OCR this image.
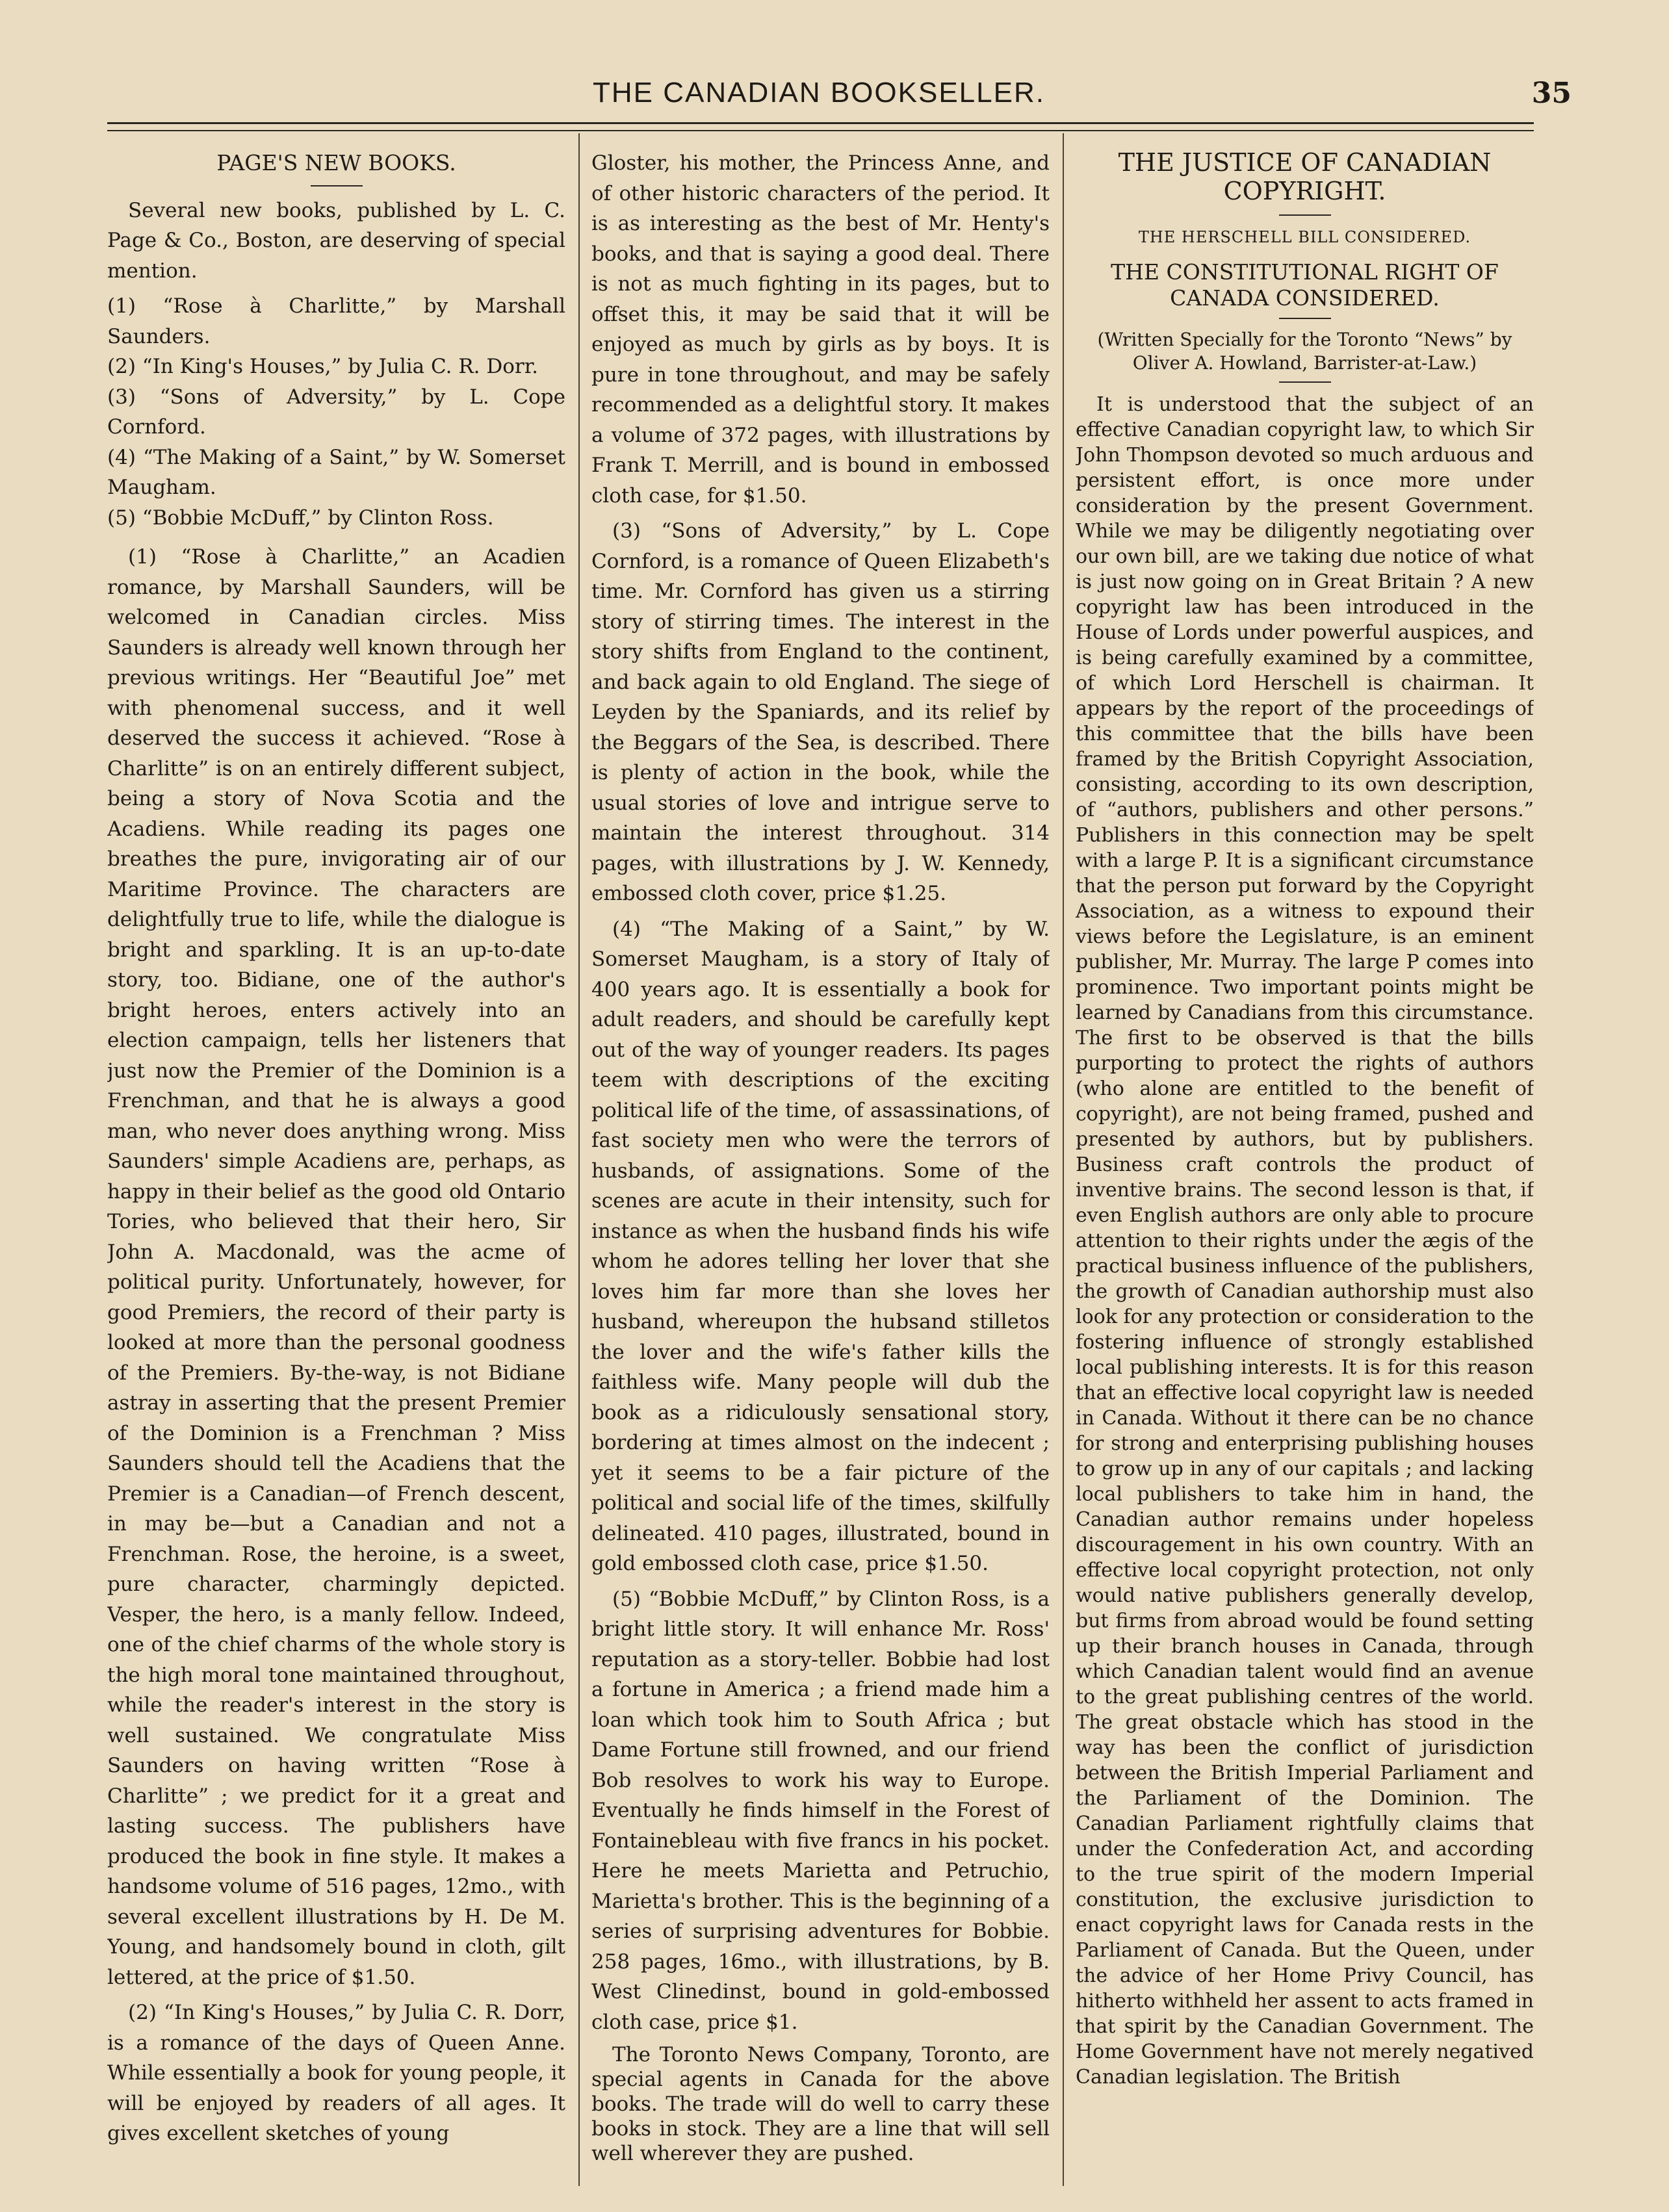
THE CANADIAN BOOKSELLER.	35

PAGE'S NEW BOOKS.

Several new books, published by L. C. Page & Co., Boston, are deserving of special mention.

(1) “Rose à Charlitte,” by Marshall Saunders.

(2) “In King's Houses,” by Julia C. R. Dorr.

(3) “Sons of Adversity,” by L. Cope Cornford.

(4) “The Making of a Saint,” by W. Somerset Maugham.

(5) “Bobbie McDuff,” by Clinton Ross.

(1) “Rose à Charlitte,” an Acadien romance, by Marshall Saunders, will be welcomed in Canadian circles. Miss Saunders is already well known through her previous writings. Her “Beautiful Joe” met with phenomenal success, and it well deserved the success it achieved. “Rose à Charlitte” is on an entirely different subject, being a story of Nova Scotia and the Acadiens. While reading its pages one breathes the pure, invigorating air of our Maritime Province. The characters are delightfully true to life, while the dialogue is bright and sparkling. It is an up-to-date story, too. Bidiane, one of the author's bright heroes, enters actively into an election campaign, tells her listeners that just now the Premier of the Dominion is a Frenchman, and that he is always a good man, who never does anything wrong. Miss Saunders' simple Acadiens are, perhaps, as happy in their belief as the good old Ontario Tories, who believed that their hero, Sir John A. Macdonald, was the acme of political purity. Unfortunately, however, for good Premiers, the record of their party is looked at more than the personal goodness of the Premiers. By-the-way, is not Bidiane astray in asserting that the present Premier of the Dominion is a Frenchman ? Miss Saunders should tell the Acadiens that the Premier is a Canadian—of French descent, in may be—but a Canadian and not a Frenchman. Rose, the heroine, is a sweet, pure character, charmingly depicted. Vesper, the hero, is a manly fellow. Indeed, one of the chief charms of the whole story is the high moral tone maintained throughout, while the reader's interest in the story is well sustained. We congratulate Miss Saunders on having written “Rose à Charlitte” ; we predict for it a great and lasting success. The publishers have produced the book in fine style. It makes a handsome volume of 516 pages, 12mo., with several excellent illustrations by H. De M. Young, and handsomely bound in cloth, gilt lettered, at the price of $1.50.

(2) “In King's Houses,” by Julia C. R. Dorr, is a romance of the days of Queen Anne. While essentially a book for young people, it will be enjoyed by readers of all ages. It gives excellent sketches of young

Gloster, his mother, the Princess Anne, and of other historic characters of the period. It is as interesting as the best of Mr. Henty's books, and that is saying a good deal. There is not as much fighting in its pages, but to offset this, it may be said that it will be enjoyed as much by girls as by boys. It is pure in tone throughout, and may be safely recommended as a delightful story. It makes a volume of 372 pages, with illustrations by Frank T. Merrill, and is bound in embossed cloth case, for $1.50.

(3) “Sons of Adversity,” by L. Cope Cornford, is a romance of Queen Elizabeth's time. Mr. Cornford has given us a stirring story of stirring times. The interest in the story shifts from England to the continent, and back again to old England. The siege of Leyden by the Spaniards, and its relief by the Beggars of the Sea, is described. There is plenty of action in the book, while the usual stories of love and intrigue serve to maintain the interest throughout. 314 pages, with illustrations by J. W. Kennedy, embossed cloth cover, price $1.25.

(4) “The Making of a Saint,” by W. Somerset Maugham, is a story of Italy of 400 years ago. It is essentially a book for adult readers, and should be carefully kept out of the way of younger readers. Its pages teem with descriptions of the exciting political life of the time, of assassinations, of fast society men who were the terrors of husbands, of assignations. Some of the scenes are acute in their intensity, such for instance as when the husband finds his wife whom he adores telling her lover that she loves him far more than she loves her husband, whereupon the hubsand stilletos the lover and the wife's father kills the faithless wife. Many people will dub the book as a ridiculously sensational story, bordering at times almost on the indecent ; yet it seems to be a fair picture of the political and social life of the times, skilfully delineated. 410 pages, illustrated, bound in gold embossed cloth case, price $1.50.

(5) “Bobbie McDuff,” by Clinton Ross, is a bright little story. It will enhance Mr. Ross' reputation as a story-teller. Bobbie had lost a fortune in America ; a friend made him a loan which took him to South Africa ; but Dame Fortune still frowned, and our friend Bob resolves to work his way to Europe. Eventually he finds himself in the Forest of Fontainebleau with five francs in his pocket. Here he meets Marietta and Petruchio, Marietta's brother. This is the beginning of a series of surprising adventures for Bobbie. 258 pages, 16mo., with illustrations, by B. West Clinedinst, bound in gold-embossed cloth case, price $1.

The Toronto News Company, Toronto, are special agents in Canada for the above books. The trade will do well to carry these books in stock. They are a line that will sell well wherever they are pushed.

THE JUSTICE OF CANADIAN COPYRIGHT.
THE HERSCHELL BILL CONSIDERED.
THE CONSTITUTIONAL RIGHT OF CANADA CONSIDERED.
(Written Specially for the Toronto “News” by Oliver A. Howland, Barrister-at-Law.)

It is understood that the subject of an effective Canadian copyright law, to which Sir John Thompson devoted so much arduous and persistent effort, is once more under consideration by the present Government. While we may be diligently negotiating over our own bill, are we taking due notice of what is just now going on in Great Britain ? A new copyright law has been introduced in the House of Lords under powerful auspices, and is being carefully examined by a committee, of which Lord Herschell is chairman. It appears by the report of the proceedings of this committee that the bills have been framed by the British Copyright Association, consisting, according to its own description, of “authors, publishers and other persons.” Publishers in this connection may be spelt with a large P. It is a significant circumstance that the person put forward by the Copyright Association, as a witness to expound their views before the Legislature, is an eminent publisher, Mr. Murray. The large P comes into prominence. Two important points might be learned by Canadians from this circumstance. The first to be observed is that the bills purporting to protect the rights of authors (who alone are entitled to the benefit of copyright), are not being framed, pushed and presented by authors, but by publishers. Business craft controls the product of inventive brains. The second lesson is that, if even English authors are only able to procure attention to their rights under the ægis of the practical business influence of the publishers, the growth of Canadian authorship must also look for any protection or consideration to the fostering influence of strongly established local publishing interests. It is for this reason that an effective local copyright law is needed in Canada. Without it there can be no chance for strong and enterprising publishing houses to grow up in any of our capitals ; and lacking local publishers to take him in hand, the Canadian author remains under hopeless discouragement in his own country. With an effective local copyright protection, not only would native publishers generally develop, but firms from abroad would be found setting up their branch houses in Canada, through which Canadian talent would find an avenue to the great publishing centres of the world. The great obstacle which has stood in the way has been the conflict of jurisdiction between the British Imperial Parliament and the Parliament of the Dominion. The Canadian Parliament rightfully claims that under the Confederation Act, and according to the true spirit of the modern Imperial constitution, the exclusive jurisdiction to enact copyright laws for Canada rests in the Parliament of Canada. But the Queen, under the advice of her Home Privy Council, has hitherto withheld her assent to acts framed in that spirit by the Canadian Government. The Home Government have not merely negatived Canadian legislation. The British
